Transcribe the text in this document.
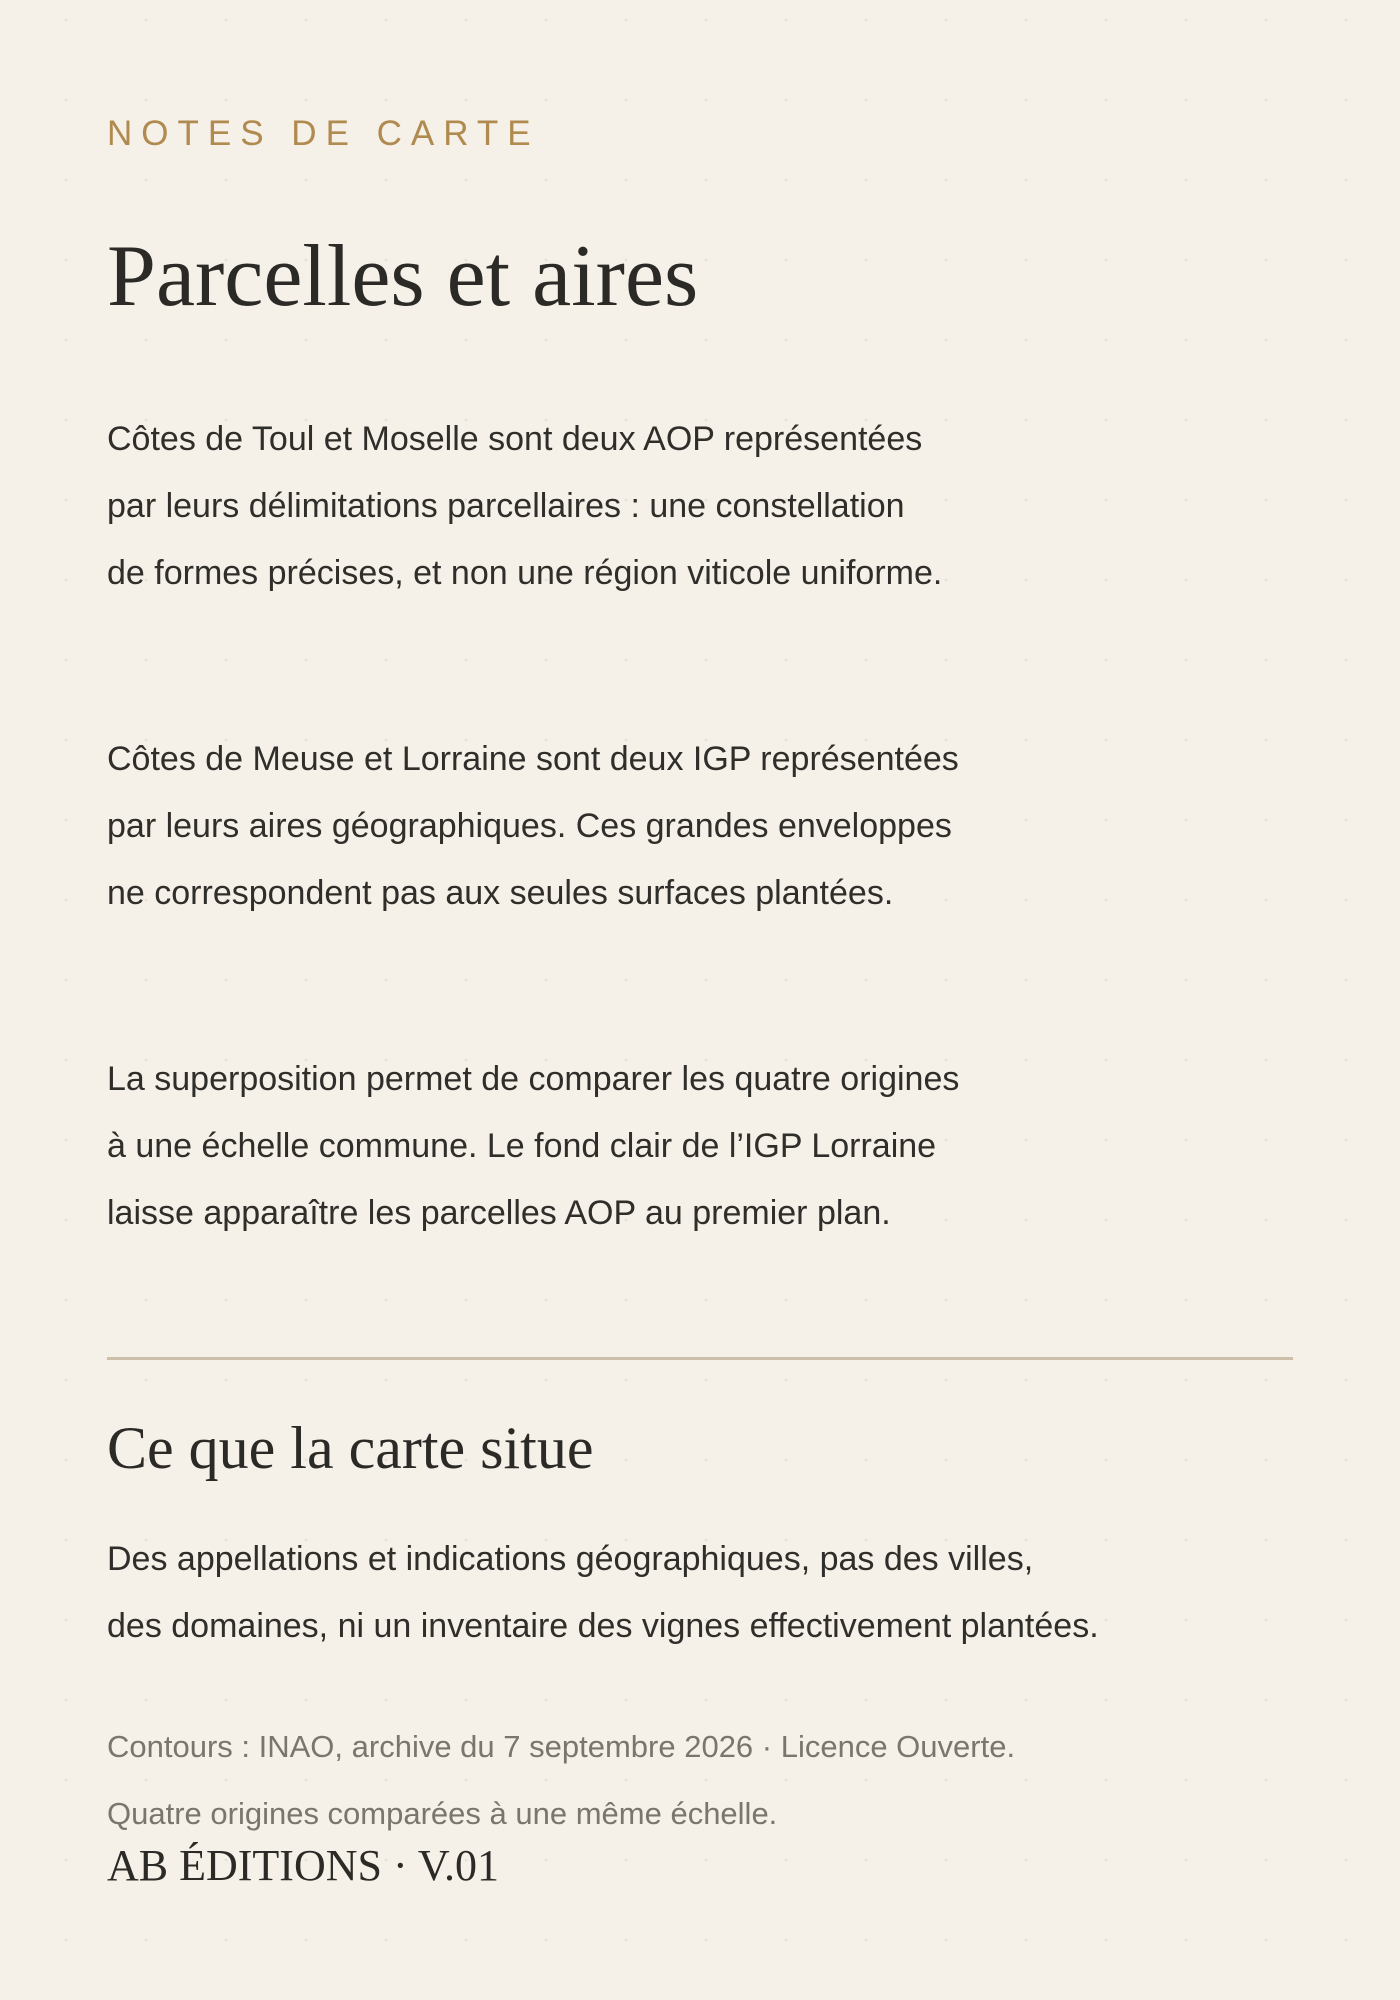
NOTES DE CARTE
Parcelles et aires

Côtes de Toul et Moselle sont deux AOP représentées
par leurs délimitations parcellaires : une constellation
de formes précises, et non une région viticole uniforme.

Côtes de Meuse et Lorraine sont deux IGP représentées
par leurs aires géographiques. Ces grandes enveloppes
ne correspondent pas aux seules surfaces plantées.

La superposition permet de comparer les quatre origines
à une échelle commune. Le fond clair de l’IGP Lorraine
laisse apparaître les parcelles AOP au premier plan.

Ce que la carte situe

Des appellations et indications géographiques, pas des villes,
des domaines, ni un inventaire des vignes effectivement plantées.

Contours : INAO, archive du 7 septembre 2026 · Licence Ouverte.

Quatre origines comparées à une même échelle.

AB ÉDITIONS · V.01
